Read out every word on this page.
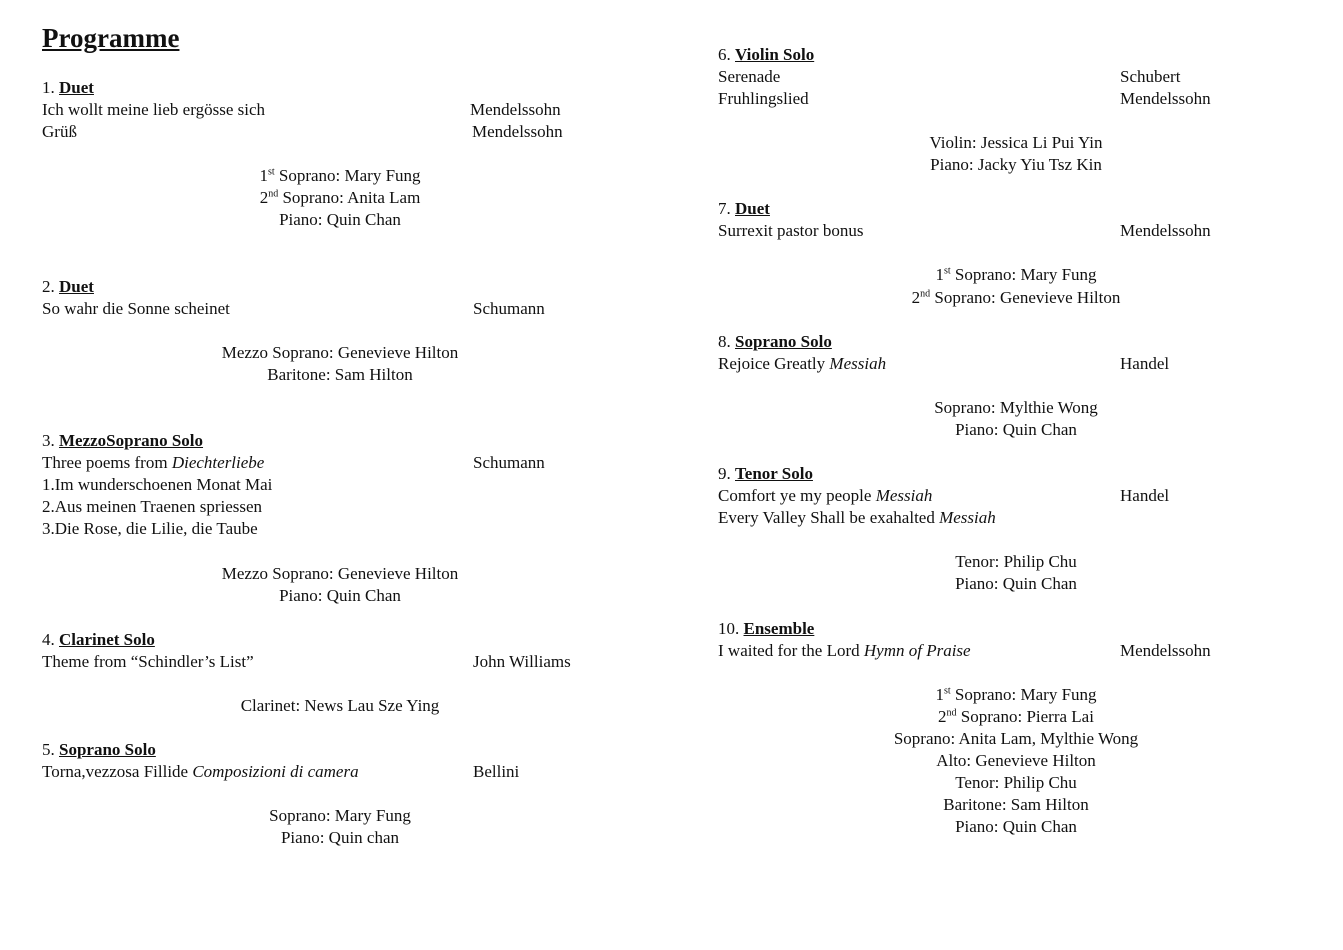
Programme
1. Duet
Ich wollt meine lieb ergösse sich	Mendelssohn
Grüß	Mendelssohn
1st Soprano: Mary Fung
2nd Soprano: Anita Lam
Piano: Quin Chan
2. Duet
So wahr die Sonne scheinet	Schumann
Mezzo Soprano: Genevieve Hilton
Baritone: Sam Hilton
3. MezzoSoprano Solo
Three poems from Diechterliebe	Schumann
1.Im wunderschoenen Monat Mai
2.Aus meinen Traenen spriessen
3.Die Rose, die Lilie, die Taube
Mezzo Soprano: Genevieve Hilton
Piano: Quin Chan
4. Clarinet Solo
Theme from “Schindler’s List”	John Williams
Clarinet: News Lau Sze Ying
5. Soprano Solo
Torna,vezzosa Fillide Composizioni di camera	Bellini
Soprano: Mary Fung
Piano: Quin chan
6. Violin Solo
Serenade	Schubert
Fruhlingslied	Mendelssohn
Violin: Jessica Li Pui Yin
Piano: Jacky Yiu Tsz Kin
7. Duet
Surrexit pastor bonus	Mendelssohn
1st Soprano: Mary Fung
2nd Soprano: Genevieve Hilton
8. Soprano Solo
Rejoice Greatly Messiah	Handel
Soprano: Mylthie Wong
Piano: Quin Chan
9. Tenor Solo
Comfort ye my people Messiah	Handel
Every Valley Shall be exahalted Messiah
Tenor: Philip Chu
Piano: Quin Chan
10. Ensemble
I waited for the Lord Hymn of Praise	Mendelssohn
1st Soprano: Mary Fung
2nd Soprano: Pierra Lai
Soprano: Anita Lam, Mylthie Wong
Alto: Genevieve Hilton
Tenor: Philip Chu
Baritone: Sam Hilton
Piano: Quin Chan
